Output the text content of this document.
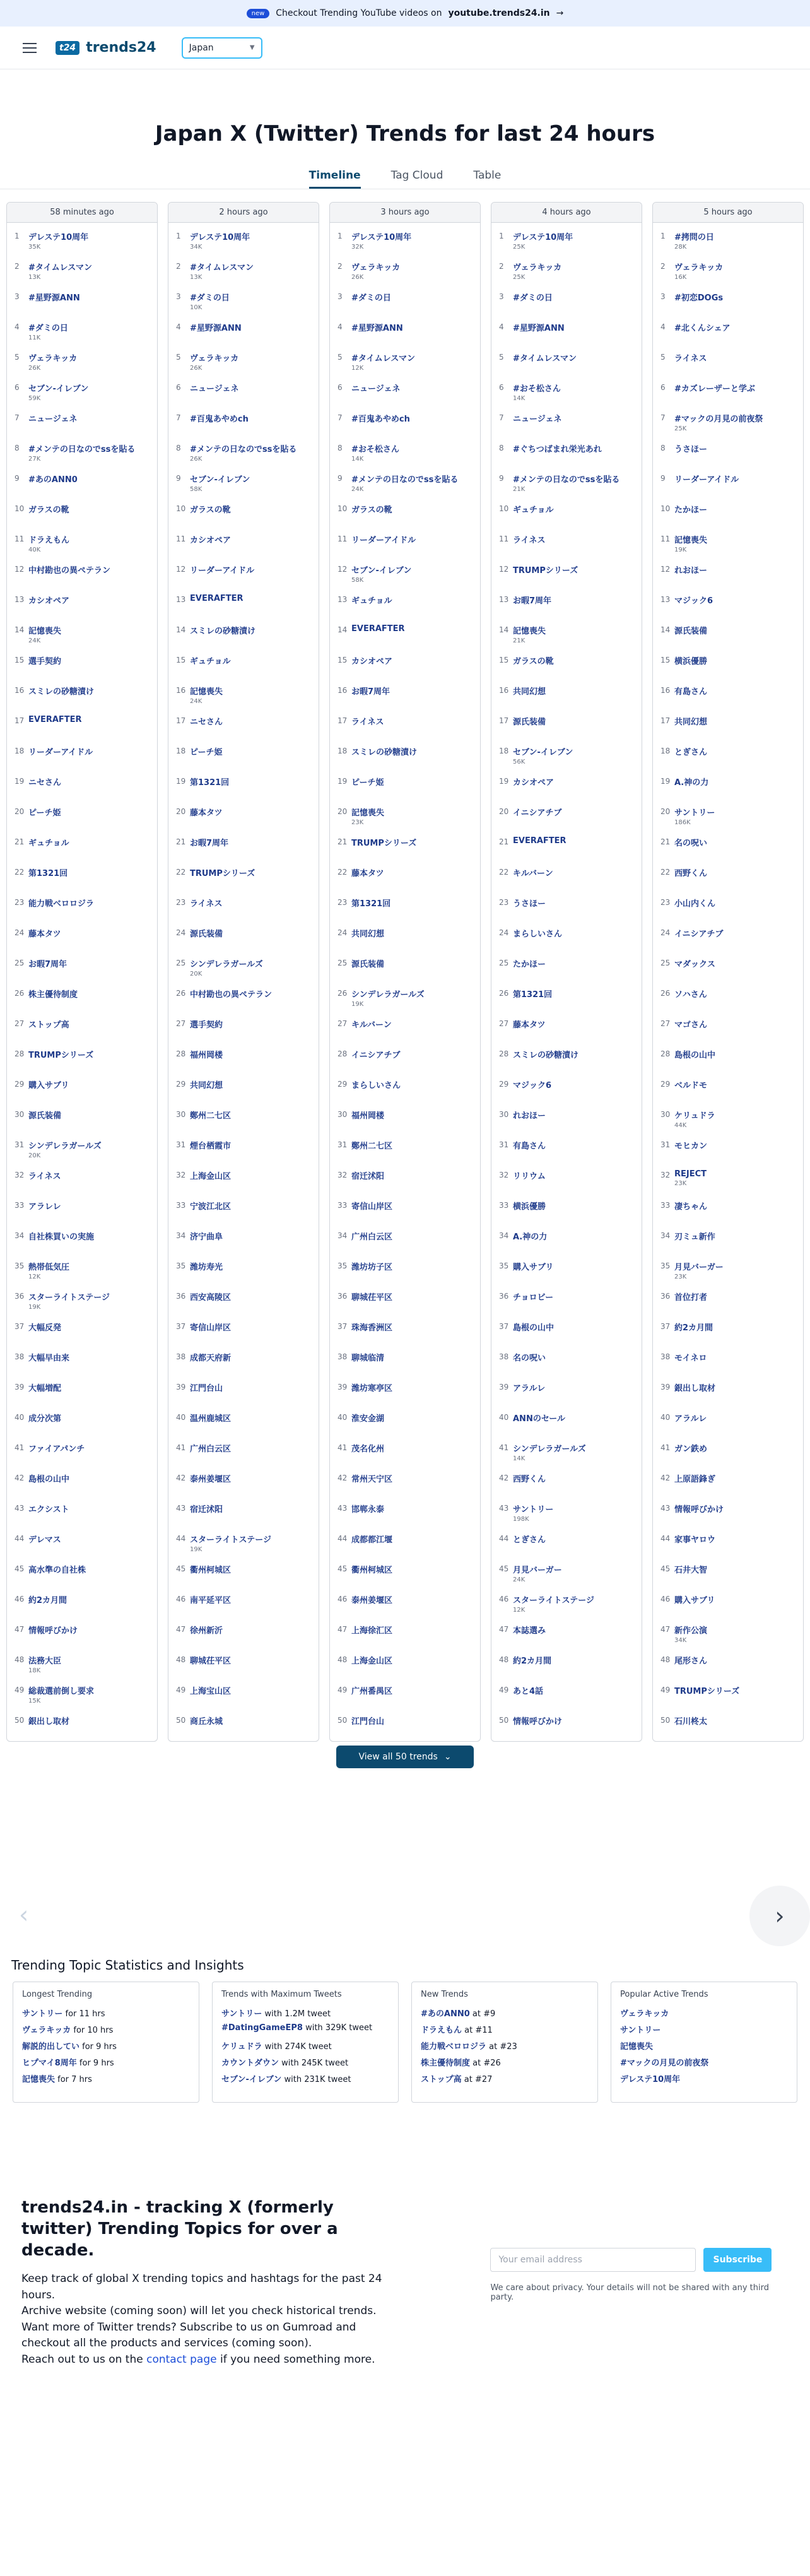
new	Checkout Trending YouTube videos on youtube.trends24.in →
t24 trends24	Japan	▼
Japan X (Twitter) Trends for last 24 hours
Timeline	Tag Cloud	Table
58 minutes ago
1	デレステ10周年
35K
2	#タイムレスマン
13K
3	#星野源ANN
4	#ダミの日
11K
5	ヴェラキッカ
26K
6	セブン-イレブン
59K
7	ニュージェネ
8	#メンテの日なのでssを貼る
27K
9	#あのANN0
10 ガラスの靴
11 ドラえもん
40K
12 中村勘也の異ペテラン
13 カシオペア
14 記憶喪失
24K
15 選手契約
16 スミレの砂糖漬け
17 EVERAFTER
18 リーダーアイドル
19 ニセさん
20 ピーチ姫
21 ギュチョル
22 第1321回
23 能力戦ベロロジラ
24 藤本タツ
25 お暇7周年
26 株主優待制度
27 ストップ高
28 TRUMPシリーズ
29 購入サブリ
30 源氏装備
31 シンデレラガールズ
20K
32 ライネス
33 アラレレ
34 自社株買いの実施
35 熱帯低気圧
12K
36 スターライトステージ
19K
37 大幅反発
38 大幅早由来
39 大幅増配
40 成分次第
41 ファイアパンチ
42 島根の山中
43 エクシスト
44 デレマス
45 高水準の自社株
46 約2カ月間
47 情報呼びかけ
48 法務大臣
18K
49 総裁選前倒し要求
15K
50 銀出し取材
2 hours ago
1	デレステ10周年
34K
2	#タイムレスマン
13K
3	#ダミの日
10K
4	#星野源ANN
5	ヴェラキッカ
26K
6	ニュージェネ
7	#百鬼あやめch
8	#メンテの日なのでssを貼る
26K
9	セブン-イレブン
58K
10 ガラスの靴
11 カシオペア
12 リーダーアイドル
13 EVERAFTER
14 スミレの砂糖漬け
15 ギュチョル
16 記憶喪失
24K
17 ニセさん
18 ピーチ姫
19 第1321回
20 藤本タツ
21 お暇7周年
22 TRUMPシリーズ
23 ライネス
24 源氏装備
25 シンデレラガールズ
20K
26 中村勘也の異ペテラン
27 選手契約
28 福州岡楼
29 共同幻想
30 鄭州二七区
31 煙台栖霞市
32 上海金山区
33 宁波江北区
34 济宁曲阜
35 潍坊寿光
36 西安高陵区
37 寄信山岸区
38 成都天府新
39 江門台山
40 温州鹿城区
41 广州白云区
42 泰州姜堰区
43 宿迁沭阳
44 スターライトステージ
19K
45 衢州柯城区
46 南平延平区
47 徐州新沂
48 聊城茌平区
49 上海宝山区
50 商丘永城
3 hours ago
1	デレステ10周年
32K
2	ヴェラキッカ
26K
3	#ダミの日
4	#星野源ANN
5	#タイムレスマン
12K
6	ニュージェネ
7	#百鬼あやめch
8	#おそ松さん
14K
9	#メンテの日なのでssを貼る
24K
10 ガラスの靴
11 リーダーアイドル
12 セブン-イレブン
58K
13 ギュチョル
14 EVERAFTER
15 カシオペア
16 お暇7周年
17 ライネス
18 スミレの砂糖漬け
19 ピーチ姫
20 記憶喪失
23K
21 TRUMPシリーズ
22 藤本タツ
23 第1321回
24 共同幻想
25 源氏装備
26 シンデレラガールズ
19K
27 キルバーン
28 イニシアチブ
29 まらしいさん
30 福州岡楼
31 鄭州二七区
32 宿迁沭阳
33 寄信山岸区
34 广州白云区
35 潍坊坊子区
36 聊城茌平区
37 珠海香洲区
38 聊城临清
39 潍坊寒亭区
40 淮安金湖
41 茂名化州
42 常州天宁区
43 邯郸永泰
44 成都都江堰
45 衢州柯城区
46 泰州姜堰区
47 上海徐汇区
48 上海金山区
49 广州番禺区
50 江門台山
4 hours ago
1	デレステ10周年
25K
2	ヴェラキッカ
25K
3	#ダミの日
4	#星野源ANN
5	#タイムレスマン
6	#おそ松さん
14K
7	ニュージェネ
8	#ぐちつばまれ栄光あれ
9	#メンテの日なのでssを貼る
21K
10 ギュチョル
11 ライネス
12 TRUMPシリーズ
13 お暇7周年
14 記憶喪失
21K
15 ガラスの靴
16 共同幻想
17 源氏装備
18 セブン-イレブン
56K
19 カシオペア
20 イニシアチブ
21 EVERAFTER
22 キルバーン
23 うさほー
24 まらしいさん
25 たかほー
26 第1321回
27 藤本タツ
28 スミレの砂糖漬け
29 マジック6
30 れおほー
31 有島さん
32 リリウム
33 横浜優勝
34 A.神の力
35 購入サブリ
36 チョロビー
37 島根の山中
38 名の呪い
39 アラルレ
40 ANNのセール
41 シンデレラガールズ
14K
42 西野くん
43 サントリー
198K
44 とぎさん
45 月見バーガー
24K
46 スターライトステージ
12K
47 本誌選み
48 約2カ月間
49 あと4話
50 情報呼びかけ
5 hours ago
1	#拷問の日
28K
2	ヴェラキッカ
16K
3	#初恋DOGs
4	#北くんシェア
5	ライネス
6	#カズレーザーと学ぶ
7	#マックの月見の前夜祭
25K
8	うさほー
9	リーダーアイドル
10 たかほー
11 記憶喪失
19K
12 れおほー
13 マジック6
14 源氏装備
15 横浜優勝
16 有島さん
17 共同幻想
18 とぎさん
19 A.神の力
20 サントリー
186K
21 名の呪い
22 西野くん
23 小山内くん
24 イニシアチブ
25 マダックス
26 ソハさん
27 マゴさん
28 島根の山中
29 ベルドモ
30 ケリュドラ
44K
31 モヒカン
32 REJECT
23K
33 凄ちゃん
34 刃ミュ新作
35 月見バーガー
23K
36 首位打者
37 約2カ月間
38 モイネロ
39 銀出し取材
40 アラルレ
41 ガン鉄め
42 上原語鋒ぎ
43 情報呼びかけ
44 家事ヤロウ
45 石井大智
46 購入サブリ
47 新作公演
34K
48 尾形さん
49 TRUMPシリーズ
50 石川柊太
View all 50 trends ⌄
‹	›
Trending Topic Statistics and Insights
Longest Trending
サントリー for 11 hrs
ヴェラキッカ for 10 hrs
解説的出してい for 9 hrs
ヒプマイ8周年 for 9 hrs
記憶喪失 for 7 hrs
Trends with Maximum Tweets
サントリー with 1.2M tweet
#DatingGameEP8 with 329K tweet
ケリュドラ with 274K tweet
カウントダウン with 245K tweet
セブン-イレブン with 231K tweet
New Trends
#あのANN0 at #9
ドラえもん at #11
能力戦ベロロジラ at #23
株主優待制度 at #26
ストップ高 at #27
Popular Active Trends
ヴェラキッカ
サントリー
記憶喪失
#マックの月見の前夜祭
デレステ10周年
trends24.in - tracking X (formerly twitter) Trending Topics for over a decade.

Keep track of global X trending topics and hashtags for the past 24 hours.
Archive website (coming soon) will let you check historical trends.
Want more of Twitter trends? Subscribe to us on Gumroad and checkout all the products and services (coming soon).
Reach out to us on the contact page if you need something more.

Your email address	Subscribe
We care about privacy. Your details will not be shared with any third party.
